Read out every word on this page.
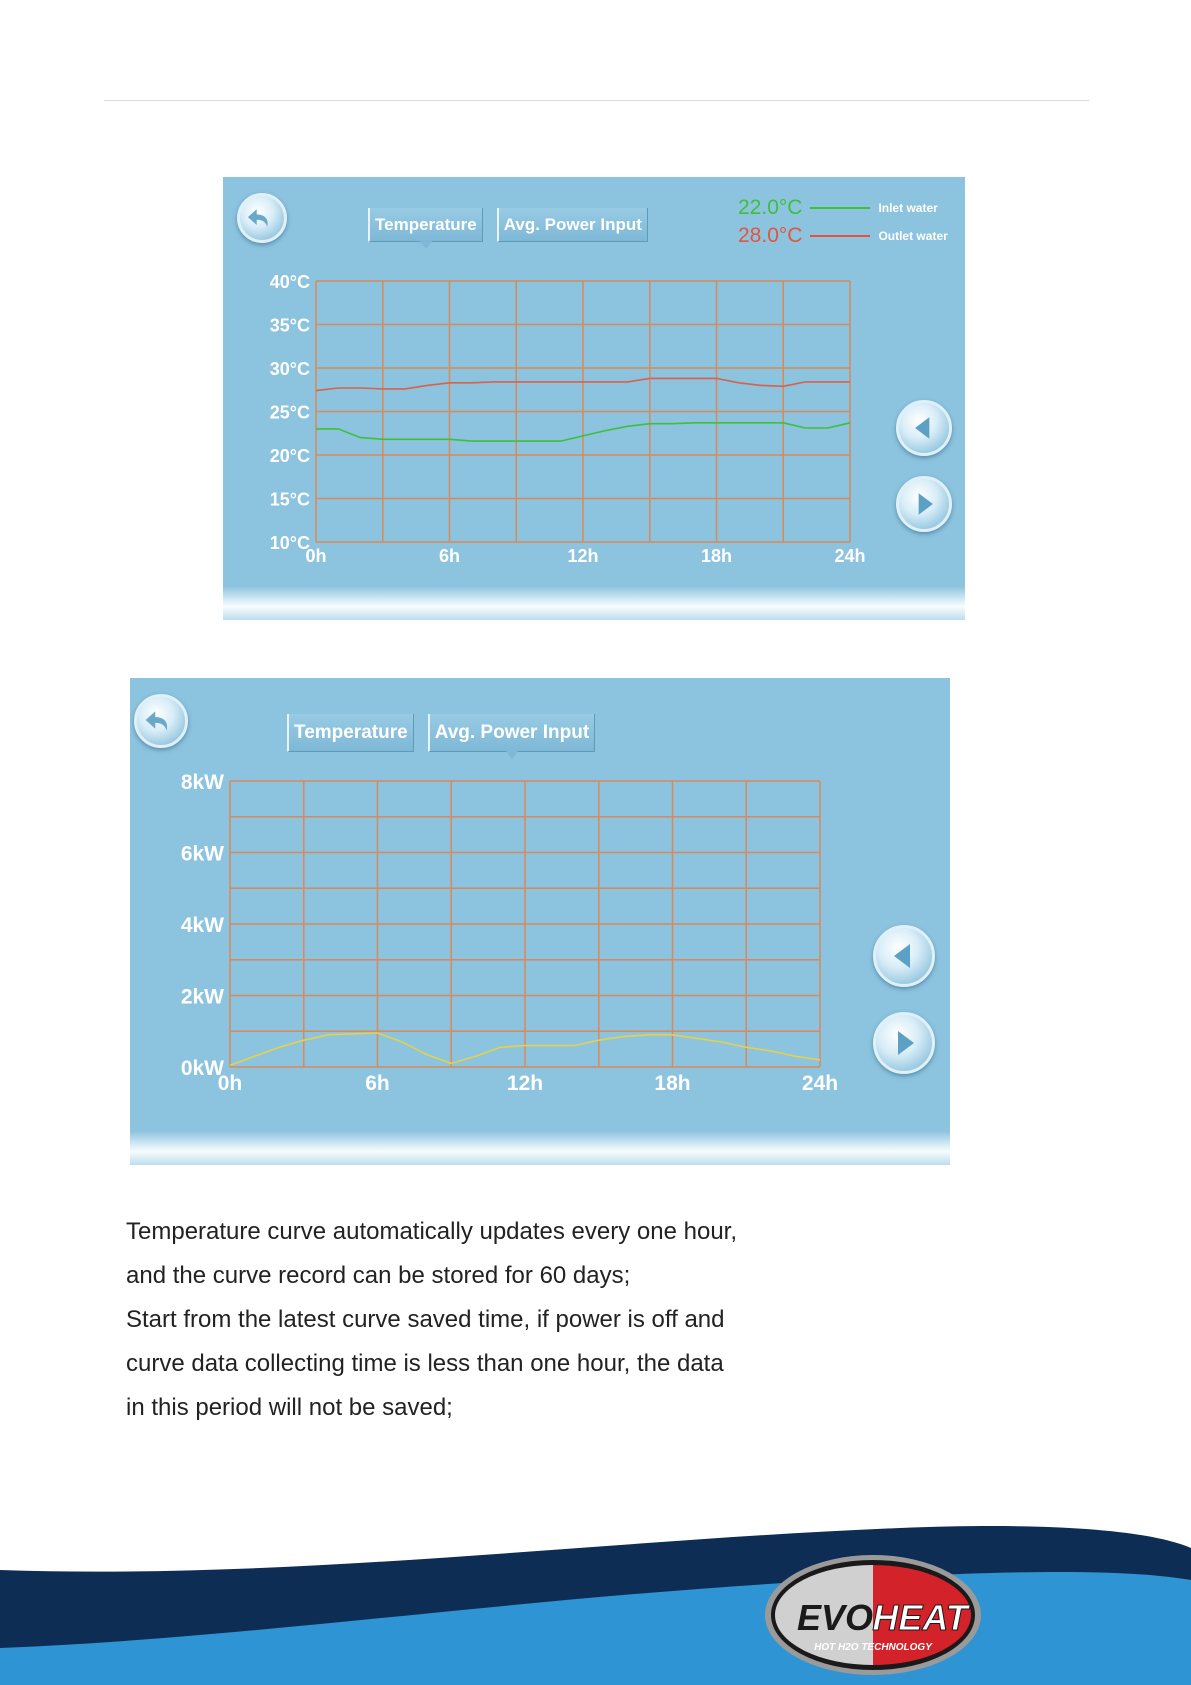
Temperature	Avg. Power Input
22.0°C	Inlet water
28.0°C	Outlet water
40°C
35°C
30°C
25°C
20°C
15°C
10°C
0h	6h	12h	18h	24h
Temperature	Avg. Power Input
8kW
6kW
4kW
2kW
0kW
0h	6h	12h	18h	24h

Temperature curve automatically updates every one hour,

and the curve record can be stored for 60 days;

Start from the latest curve saved time, if power is off and

curve data collecting time is less than one hour, the data

in this period will not be saved;

EVO HEAT
HOT H2O TECHNOLOGY
